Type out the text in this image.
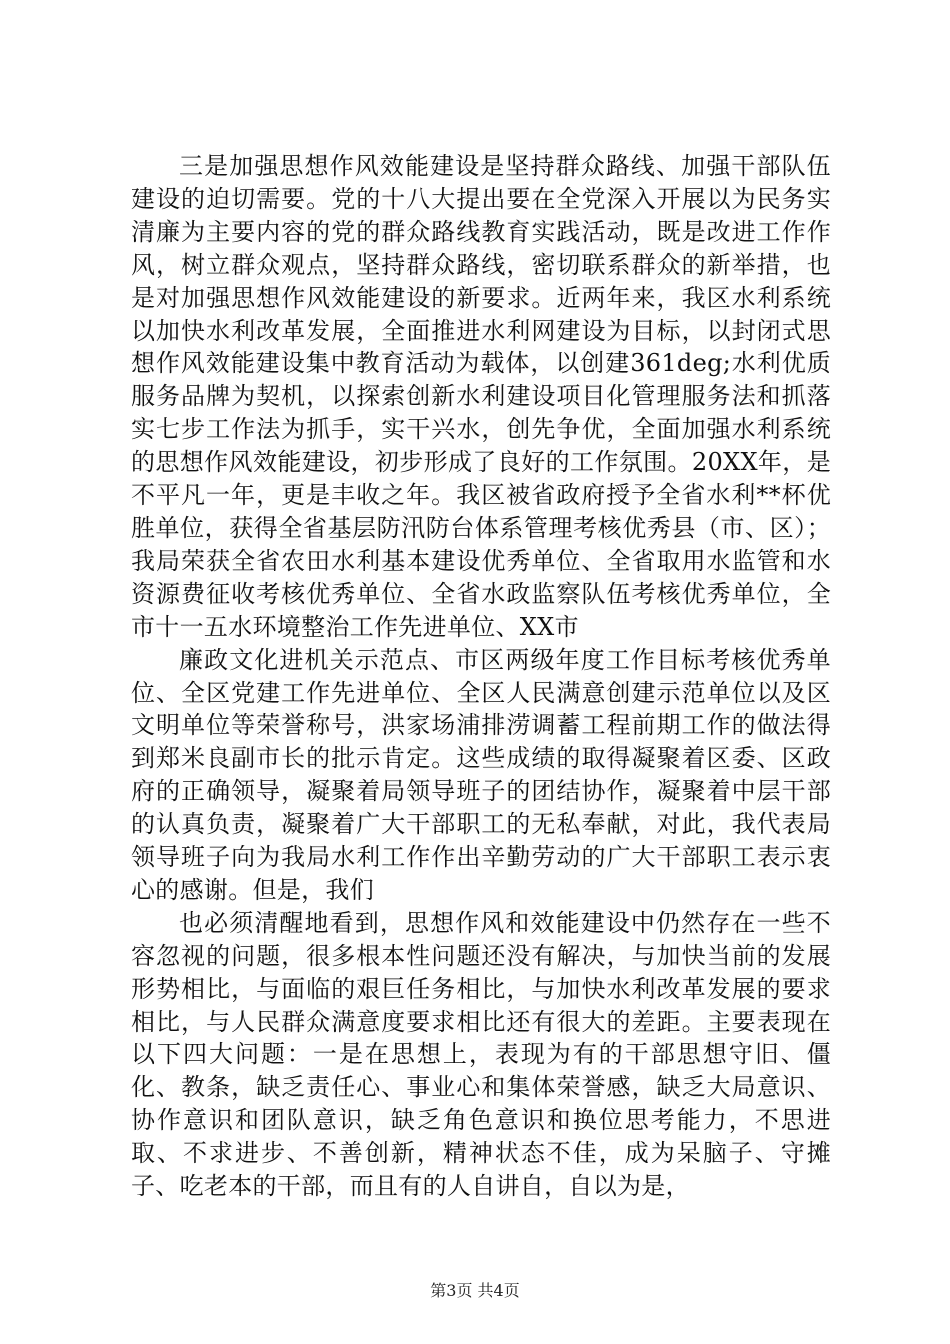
三是加强思想作风效能建设是坚持群众路线、加强干部队伍建设的迫切需要。党的十八大提出要在全党深入开展以为民务实清廉为主要内容的党的群众路线教育实践活动，既是改进工作作风，树立群众观点，坚持群众路线，密切联系群众的新举措，也是对加强思想作风效能建设的新要求。近两年来，我区水利系统以加快水利改革发展，全面推进水利网建设为目标，以封闭式思想作风效能建设集中教育活动为载体，以创建361deg;水利优质服务品牌为契机，以探索创新水利建设项目化管理服务法和抓落实七步工作法为抓手，实干兴水，创先争优，全面加强水利系统的思想作风效能建设，初步形成了良好的工作氛围。20XX年，是不平凡一年，更是丰收之年。我区被省政府授予全省水利**杯优胜单位，获得全省基层防汛防台体系管理考核优秀县（市、区）；我局荣获全省农田水利基本建设优秀单位、全省取用水监管和水资源费征收考核优秀单位、全省水政监察队伍考核优秀单位，全市十一五水环境整治工作先进单位、XX市

廉政文化进机关示范点、市区两级年度工作目标考核优秀单位、全区党建工作先进单位、全区人民满意创建示范单位以及区文明单位等荣誉称号，洪家场浦排涝调蓄工程前期工作的做法得到郑米良副市长的批示肯定。这些成绩的取得凝聚着区委、区政府的正确领导，凝聚着局领导班子的团结协作，凝聚着中层干部的认真负责，凝聚着广大干部职工的无私奉献，对此，我代表局领导班子向为我局水利工作作出辛勤劳动的广大干部职工表示衷心的感谢。但是，我们

也必须清醒地看到，思想作风和效能建设中仍然存在一些不容忽视的问题，很多根本性问题还没有解决，与加快当前的发展形势相比，与面临的艰巨任务相比，与加快水利改革发展的要求相比，与人民群众满意度要求相比还有很大的差距。主要表现在以下四大问题：一是在思想上，表现为有的干部思想守旧、僵化、教条，缺乏责任心、事业心和集体荣誉感，缺乏大局意识、协作意识和团队意识，缺乏角色意识和换位思考能力，不思进取、不求进步、不善创新，精神状态不佳，成为呆脑子、守摊子、吃老本的干部，而且有的人自讲自，自以为是，

第3页 共4页
